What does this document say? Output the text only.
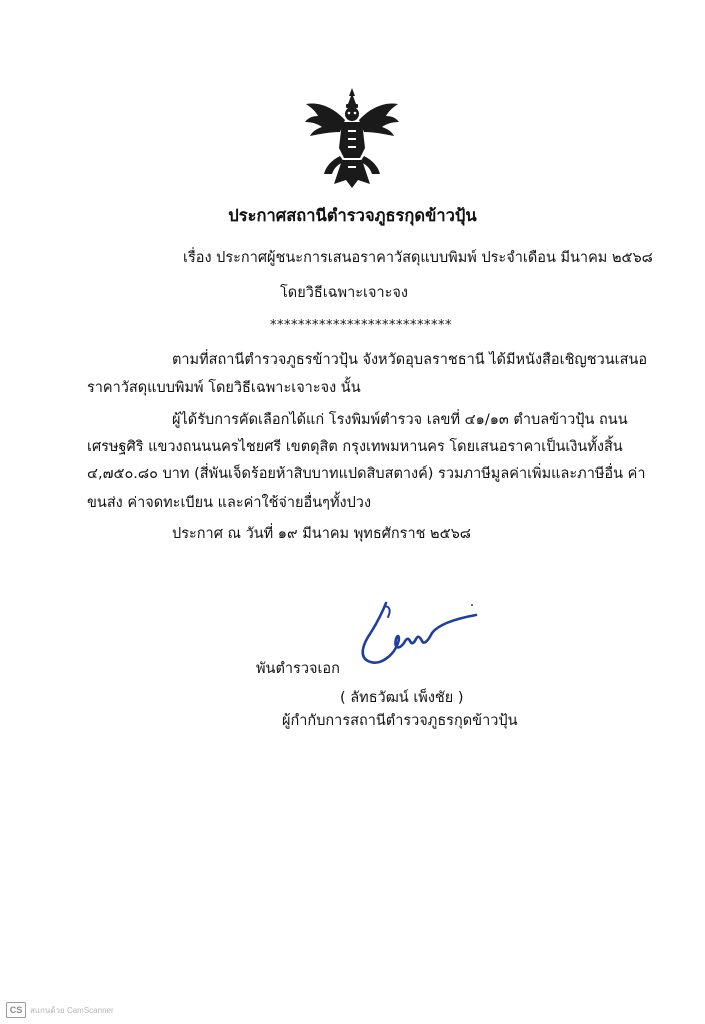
ประกาศสถานีตำรวจภูธรกุดข้าวปุ้น
เรื่อง ประกาศผู้ชนะการเสนอราคาวัสดุแบบพิมพ์ ประจำเดือน มีนาคม ๒๕๖๘
โดยวิธีเฉพาะเจาะจง
**************************
ตามที่สถานีตำรวจภูธรข้าวปุ้น จังหวัดอุบลราชธานี ได้มีหนังสือเชิญชวนเสนอ
ราคาวัสดุแบบพิมพ์ โดยวิธีเฉพาะเจาะจง นั้น
ผู้ได้รับการคัดเลือกได้แก่ โรงพิมพ์ตำรวจ เลขที่ ๔๑/๑๓ ตำบลข้าวปุ้น ถนน
เศรษฐศิริ แขวงถนนนครไชยศรี เขตดุสิต กรุงเทพมหานคร โดยเสนอราคาเป็นเงินทั้งสิ้น
๔,๗๕๐.๘๐ บาท (สี่พันเจ็ดร้อยห้าสิบบาทแปดสิบสตางค์) รวมภาษีมูลค่าเพิ่มและภาษีอื่น ค่า
ขนส่ง ค่าจดทะเบียน และค่าใช้จ่ายอื่นๆทั้งปวง
ประกาศ ณ วันที่ ๑๙ มีนาคม พุทธศักราช ๒๕๖๘
พันตำรวจเอก
( ลัทธวัฒน์ เพ็งชัย )
ผู้กำกับการสถานีตำรวจภูธรกุดข้าวปุ้น
CS สแกนด้วย CamScanner
